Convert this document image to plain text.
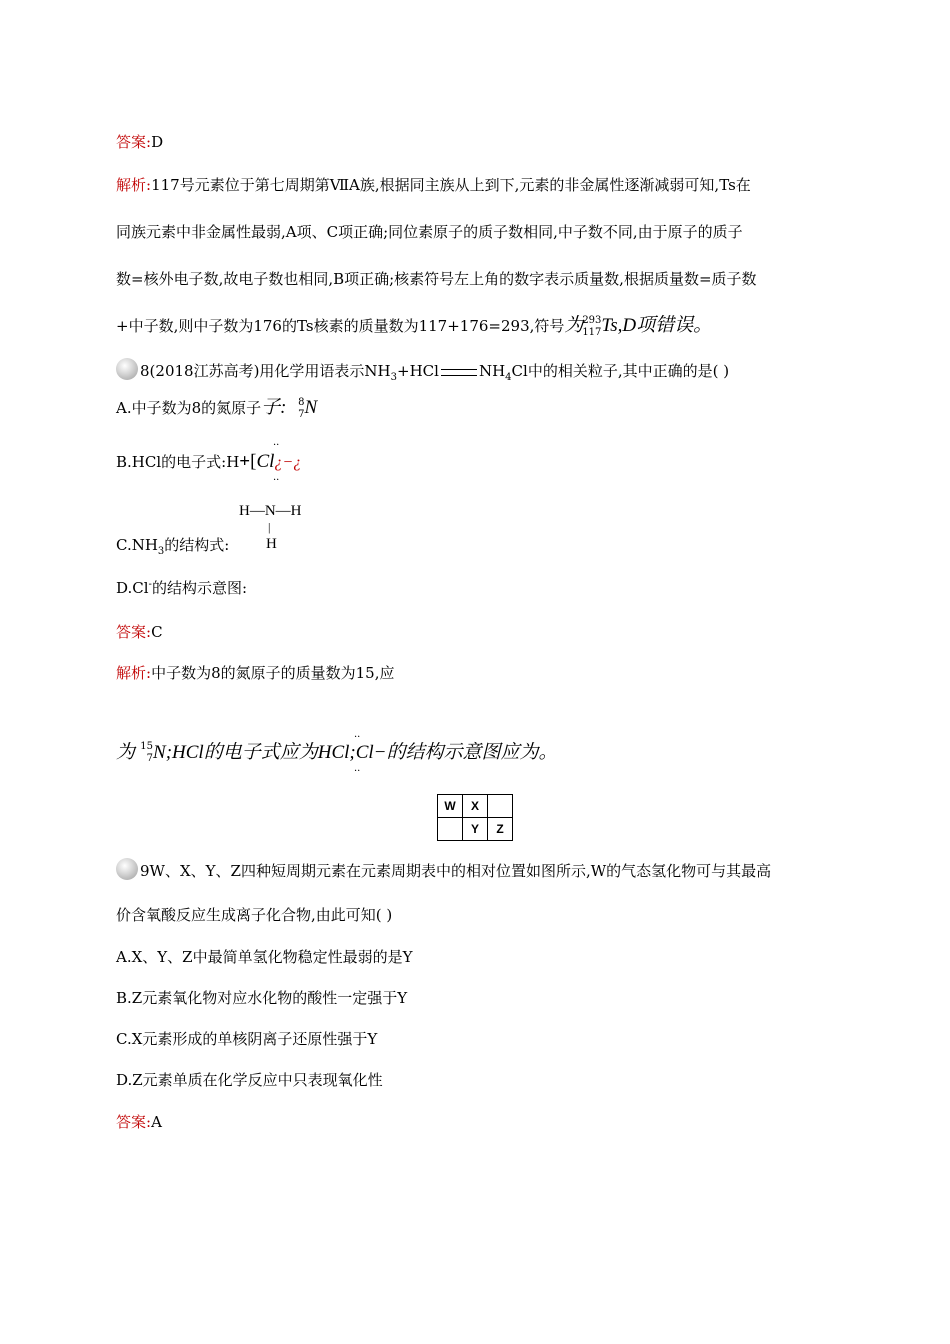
答案:D
解析:117号元素位于第七周期第ⅦA族,根据同主族从上到下,元素的非金属性逐渐减弱可知,Ts在
同族元素中非金属性最弱,A项、C项正确;同位素原子的质子数相同,中子数不同,由于原子的质子
数=核外电子数,故电子数也相同,B项正确;核素符号左上角的数字表示质量数,根据质量数=质子数
+中子数,则中子数为176的Ts核素的质量数为117+176=293,符号为
293
117 Ts,D项错误。
8(2018江苏高考)用化学用语表示$NH_3+HCl$	$NH_4Cl$中的相关粒子,其中正确的是( )
A.中子数为8的氮原子子: 8
7 N
B.HCl的电子式:H+[Cl¿−¿
··
··
H—N—H
|
H
$C.NH_3$的结构式:
D.Cl-的结构示意图:
答案:C
解析:中子数为8的氮原子的质量数为15,应
为 15
7 N;HCl的电子式应为HCl;Cl−的结构示意图应为。
··
··
W	X	
	Y	Z
9W、X、Y、Z四种短周期元素在元素周期表中的相对位置如图所示,W的气态氢化物可与其最高
价含氧酸反应生成离子化合物,由此可知( )
A.X、Y、Z中最简单氢化物稳定性最弱的是Y
B.Z元素氧化物对应水化物的酸性一定强于Y
C.X元素形成的单核阴离子还原性强于Y
D.Z元素单质在化学反应中只表现氧化性
答案:A
